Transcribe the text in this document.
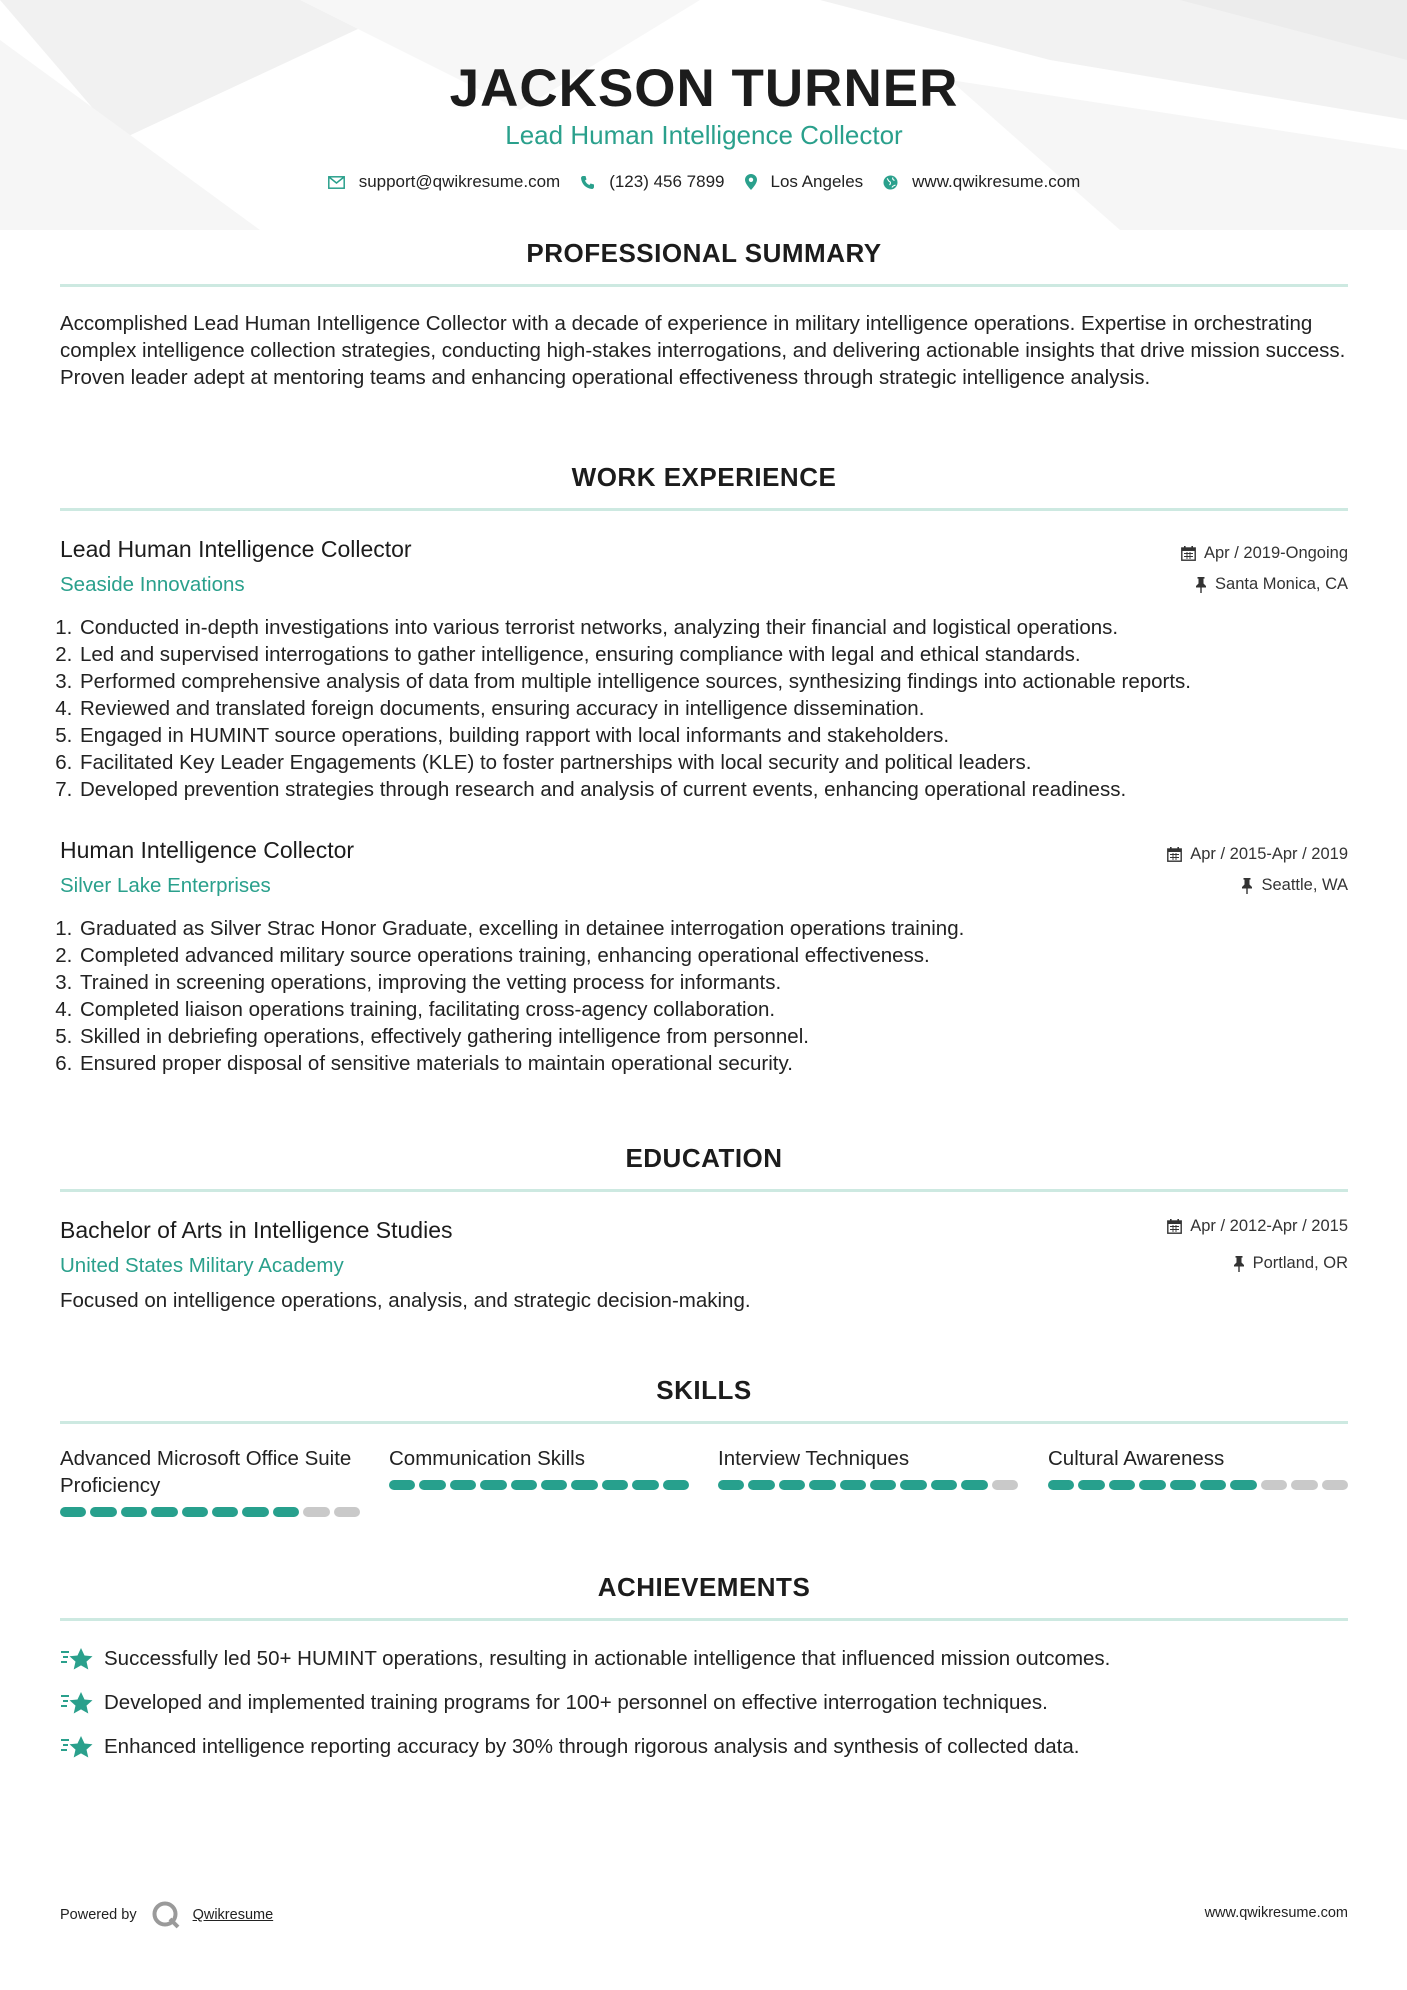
JACKSON TURNER
Lead Human Intelligence Collector
support@qwikresume.com	(123) 456 7899	Los Angeles	www.qwikresume.com
PROFESSIONAL SUMMARY
Accomplished Lead Human Intelligence Collector with a decade of experience in military intelligence operations. Expertise in orchestrating complex intelligence collection strategies, conducting high-stakes interrogations, and delivering actionable insights that drive mission success. Proven leader adept at mentoring teams and enhancing operational effectiveness through strategic intelligence analysis.
WORK EXPERIENCE
Lead Human Intelligence Collector
Seaside Innovations
Apr / 2019-Ongoing
Santa Monica, CA
1. Conducted in-depth investigations into various terrorist networks, analyzing their financial and logistical operations.
2. Led and supervised interrogations to gather intelligence, ensuring compliance with legal and ethical standards.
3. Performed comprehensive analysis of data from multiple intelligence sources, synthesizing findings into actionable reports.
4. Reviewed and translated foreign documents, ensuring accuracy in intelligence dissemination.
5. Engaged in HUMINT source operations, building rapport with local informants and stakeholders.
6. Facilitated Key Leader Engagements (KLE) to foster partnerships with local security and political leaders.
7. Developed prevention strategies through research and analysis of current events, enhancing operational readiness.
Human Intelligence Collector
Silver Lake Enterprises
Apr / 2015-Apr / 2019
Seattle, WA
1. Graduated as Silver Strac Honor Graduate, excelling in detainee interrogation operations training.
2. Completed advanced military source operations training, enhancing operational effectiveness.
3. Trained in screening operations, improving the vetting process for informants.
4. Completed liaison operations training, facilitating cross-agency collaboration.
5. Skilled in debriefing operations, effectively gathering intelligence from personnel.
6. Ensured proper disposal of sensitive materials to maintain operational security.
EDUCATION
Bachelor of Arts in Intelligence Studies
United States Military Academy
Apr / 2012-Apr / 2015
Portland, OR
Focused on intelligence operations, analysis, and strategic decision-making.
SKILLS
Advanced Microsoft Office Suite Proficiency
Communication Skills	Interview Techniques	Cultural Awareness
ACHIEVEMENTS
Successfully led 50+ HUMINT operations, resulting in actionable intelligence that influenced mission outcomes.
Developed and implemented training programs for 100+ personnel on effective interrogation techniques.
Enhanced intelligence reporting accuracy by 30% through rigorous analysis and synthesis of collected data.
Powered by	Qwikresume	www.qwikresume.com
